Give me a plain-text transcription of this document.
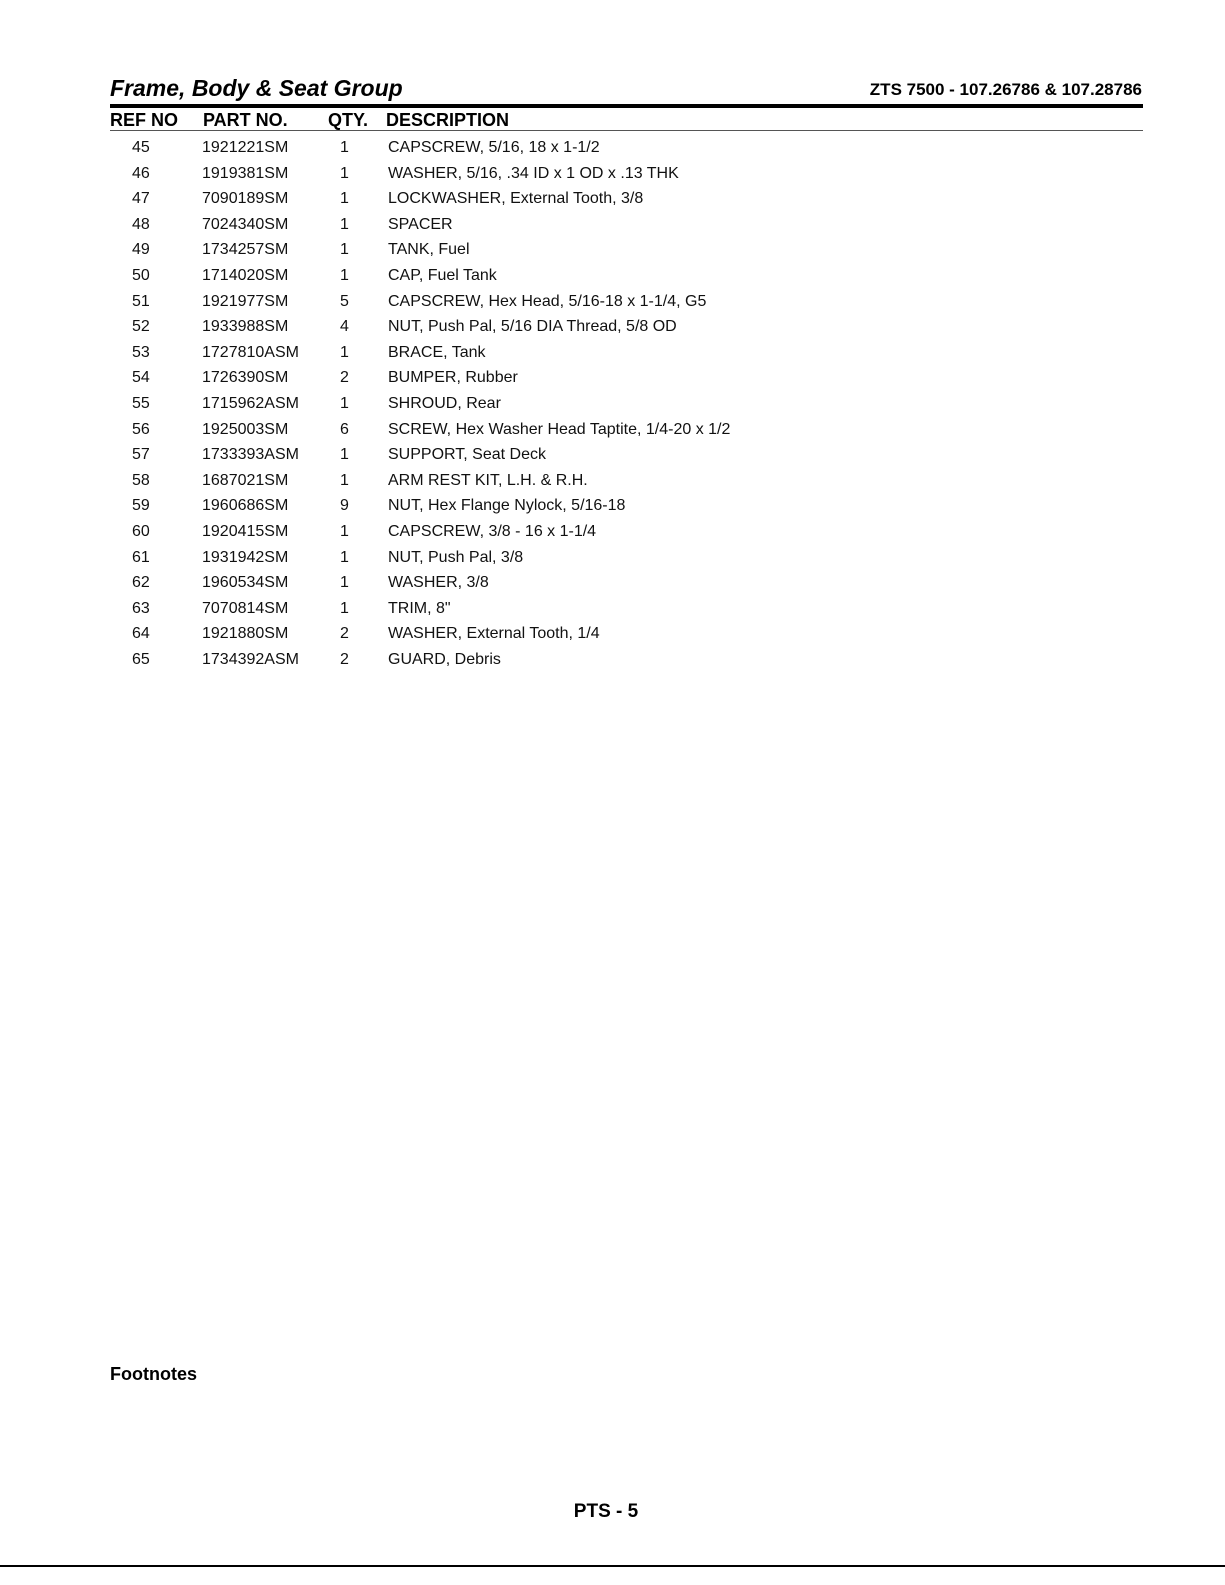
Frame, Body & Seat Group	ZTS 7500 - 107.26786 & 107.28786
REF NO PART NO. QTY. DESCRIPTION
45	1921221SM	1 CAPSCREW, 5/16, 18 x 1-1/2
46	1919381SM	1 WASHER, 5/16, .34 ID x 1 OD x .13 THK
47	7090189SM	1 LOCKWASHER, External Tooth, 3/8
48	7024340SM	1 SPACER
49	1734257SM	1 TANK, Fuel
50	1714020SM	1 CAP, Fuel Tank
51	1921977SM	5 CAPSCREW, Hex Head, 5/16-18 x 1-1/4, G5
52	1933988SM	4 NUT, Push Pal, 5/16 DIA Thread, 5/8 OD
53	1727810ASM	1 BRACE, Tank
54	1726390SM	2 BUMPER, Rubber
55	1715962ASM	1 SHROUD, Rear
56	1925003SM	6 SCREW, Hex Washer Head Taptite, 1/4-20 x 1/2
57	1733393ASM	1 SUPPORT, Seat Deck
58	1687021SM	1 ARM REST KIT, L.H. & R.H.
59	1960686SM	9 NUT, Hex Flange Nylock, 5/16-18
60	1920415SM	1 CAPSCREW, 3/8 - 16 x 1-1/4
61	1931942SM	1 NUT, Push Pal, 3/8
62	1960534SM	1 WASHER, 3/8
63	7070814SM	1 TRIM, 8"
64	1921880SM	2 WASHER, External Tooth, 1/4
65	1734392ASM	2 GUARD, Debris
Footnotes
PTS - 5
